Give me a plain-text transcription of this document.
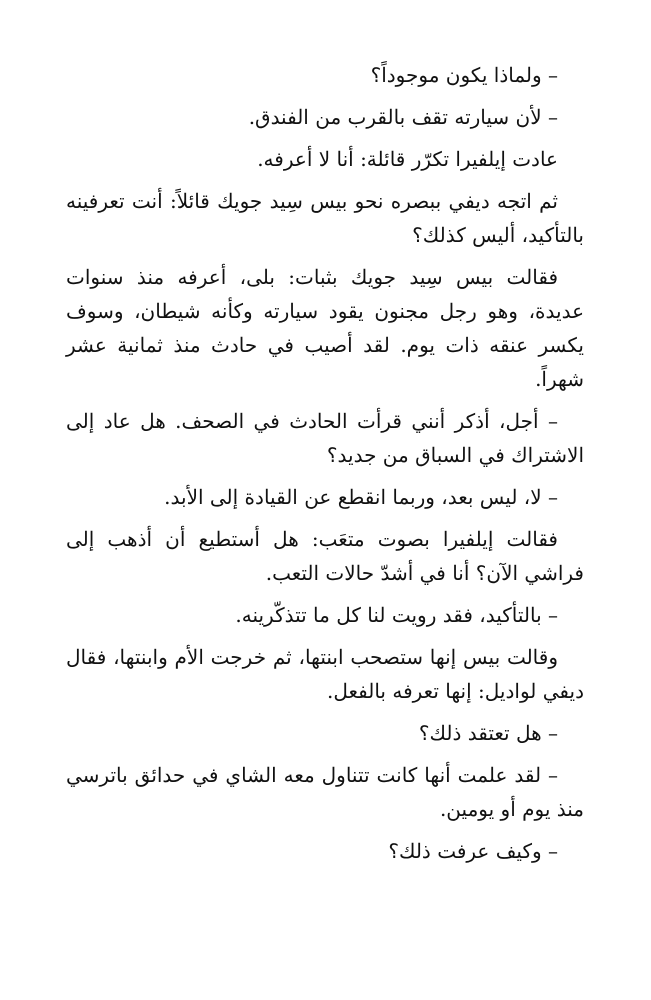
– ولماذا يكون موجوداً؟

– لأن سيارته تقف بالقرب من الفندق.

عادت إيلفيرا تكرّر قائلة: أنا لا أعرفه.

ثم اتجه ديفي ببصره نحو بيس سِيد جويك قائلاً: أنت تعرفينه بالتأكيد، أليس كذلك؟

فقالت بيس سِيد جويك بثبات: بلى، أعرفه منذ سنوات عديدة، وهو رجل مجنون يقود سيارته وكأنه شيطان، وسوف يكسر عنقه ذات يوم. لقد أصيب في حادث منذ ثمانية عشر شهراً.

– أجل، أذكر أنني قرأت الحادث في الصحف. هل عاد إلى الاشتراك في السباق من جديد؟

– لا، ليس بعد، وربما انقطع عن القيادة إلى الأبد.

فقالت إيلفيرا بصوت متعَب: هل أستطيع أن أذهب إلى فراشي الآن؟ أنا في أشدّ حالات التعب.

– بالتأكيد، فقد رويت لنا كل ما تتذكّرينه.

وقالت بيس إنها ستصحب ابنتها، ثم خرجت الأم وابنتها، فقال ديفي لواديل: إنها تعرفه بالفعل.

– هل تعتقد ذلك؟

– لقد علمت أنها كانت تتناول معه الشاي في حدائق باترسي منذ يوم أو يومين.

– وكيف عرفت ذلك؟
